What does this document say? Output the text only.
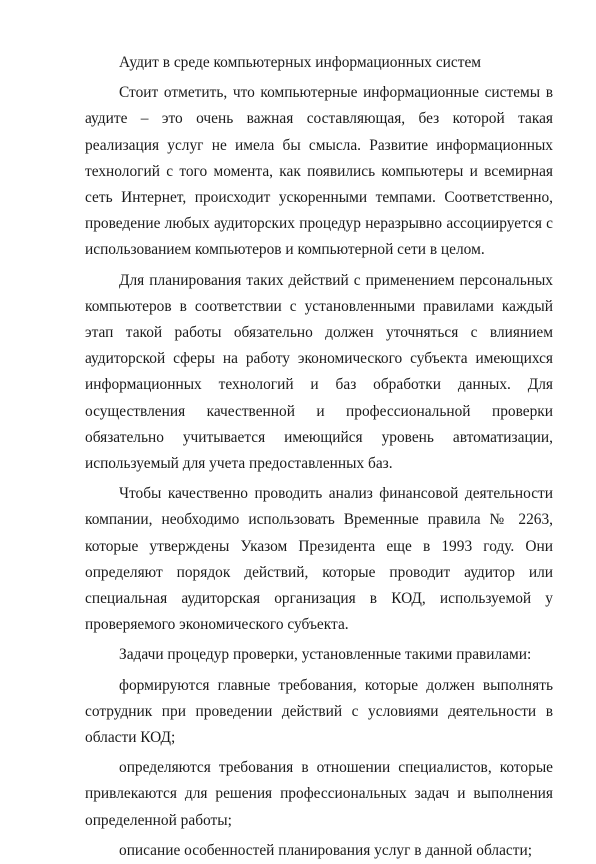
Аудит в среде компьютерных информационных систем

Стоит отметить, что компьютерные информационные системы в аудите – это очень важная составляющая, без которой такая реализация услуг не имела бы смысла. Развитие информационных технологий с того момента, как появились компьютеры и всемирная сеть Интернет, происходит ускоренными темпами. Соответственно, проведение любых аудиторских процедур неразрывно ассоциируется с использованием компьютеров и компьютерной сети в целом.

Для планирования таких действий с применением персональных компьютеров в соответствии с установленными правилами каждый этап такой работы обязательно должен уточняться с влиянием аудиторской сферы на работу экономического субъекта имеющихся информационных технологий и баз обработки данных. Для осуществления качественной и профессиональной проверки обязательно учитывается имеющийся уровень автоматизации, используемый для учета предоставленных баз.

Чтобы качественно проводить анализ финансовой деятельности компании, необходимо использовать Временные правила № 2263, которые утверждены Указом Президента еще в 1993 году. Они определяют порядок действий, которые проводит аудитор или специальная аудиторская организация в КОД, используемой у проверяемого экономического субъекта.

Задачи процедур проверки, установленные такими правилами:

формируются главные требования, которые должен выполнять сотрудник при проведении действий с условиями деятельности в области КОД;

определяются требования в отношении специалистов, которые привлекаются для решения профессиональных задач и выполнения определенной работы;

описание особенностей планирования услуг в данной области;
